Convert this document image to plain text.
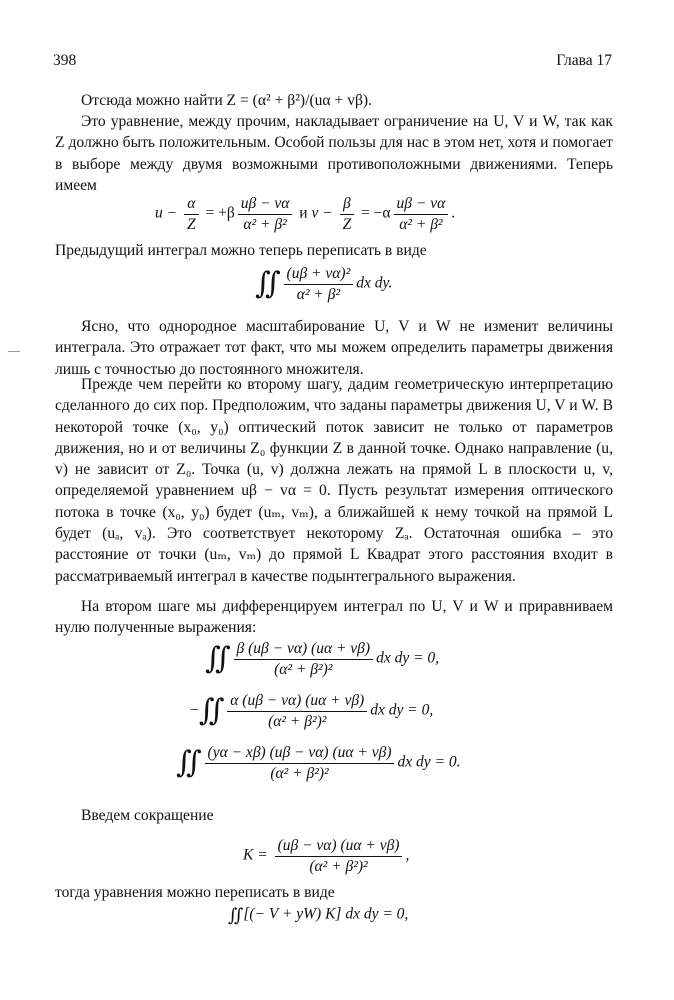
398	Глава 17
Отсюда можно найти Z = (α² + β²)/(uα + vβ).
Это уравнение, между прочим, накладывает ограничение на U, V и W, так как Z должно быть положительным. Особой пользы для нас в этом нет, хотя и помогает в выборе между двумя возможными противоположными движениями. Теперь имеем
$u - \frac{\alpha}{Z} = +\beta \frac{u\beta - v\alpha}{\text{α² + β²}}$ и $v - \frac{\beta}{Z} = -\alpha \frac{u\beta - v\alpha}{\text{α² + β²}}$ .
Предыдущий интеграл можно теперь переписать в виде
∬ $\frac{\text{(uβ + vα)²}}{\text{α² + β²}}$ dx dy.
Ясно, что однородное масштабирование U, V и W не изменит величины интеграла. Это отражает тот факт, что мы можем определить параметры движения лишь с точностью до постоянного множителя.
—
Прежде чем перейти ко второму шагу, дадим геометрическую интерпретацию сделанного до сих пор. Предположим, что заданы параметры движения U, V и W. В некоторой точке (x₀, y₀) оптический поток зависит не только от параметров движения, но и от величины Z₀ функции Z в данной точке. Однако направление (u, v) не зависит от Z₀. Точка (u, v) должна лежать на прямой L в плоскости u, v, определяемой уравнением uβ − vα = 0. Пусть результат измерения оптического потока в точке (x₀, y₀) будет (uₘ, vₘ), а ближайшей к нему точкой на прямой L будет (uₐ, vₐ). Это соответствует некоторому Zₐ. Остаточная ошибка – это расстояние от точки (uₘ, vₘ) до прямой L Квадрат этого расстояния входит в рассматриваемый интеграл в качестве подынтегрального выражения.
На втором шаге мы дифференцируем интеграл по U, V и W и приравниваем нулю полученные выражения:
∬ $\frac{\beta (u\beta - v\alpha) (u\alpha + v\beta)}{\text{(α² + β²)²}}$ dx dy = 0,
−∬ $\frac{\alpha (u\beta - v\alpha) (u\alpha + v\beta)}{\text{(α² + β²)²}}$ dx dy = 0,
∬ $\frac{(y\alpha - x\beta) (u\beta - v\alpha) (u\alpha + v\beta)}{\text{(α² + β²)²}}$ dx dy = 0.
Введем сокращение
$K = \frac{(u\beta - v\alpha) (u\alpha + v\beta)}{\text{(α² + β²)²}}$ ,
тогда уравнения можно переписать в виде
∬ [(− V + yW) K] dx dy = 0,
